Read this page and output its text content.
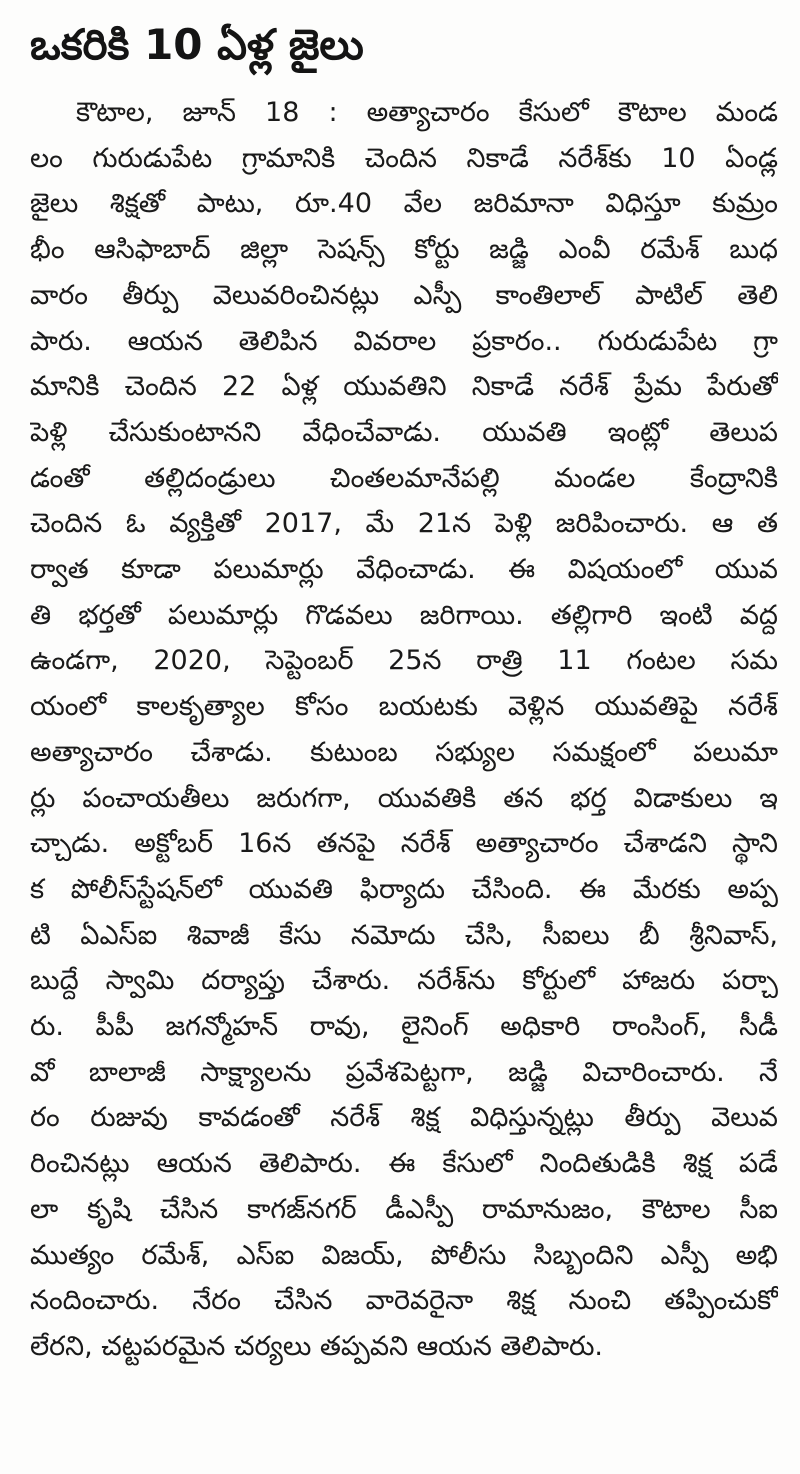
ఒకరికి 10 ఏళ్ల జైలు
కౌటాల, జూన్ 18 : అత్యాచారం కేసులో కౌటాల మండ
లం గురుడుపేట గ్రామానికి చెందిన నికాడే నరేశ్‌కు 10 ఏండ్ల
జైలు శిక్షతో పాటు, రూ.40 వేల జరిమానా విధిస్తూ కుమ్రం
భీం ఆసిఫాబాద్ జిల్లా సెషన్స్ కోర్టు జడ్జి ఎంవీ రమేశ్ బుధ
వారం తీర్పు వెలువరించినట్లు ఎస్పీ కాంతిలాల్ పాటిల్ తెలి
పారు. ఆయన తెలిపిన వివరాల ప్రకారం.. గురుడుపేట గ్రా
మానికి చెందిన 22 ఏళ్ల యువతిని నికాడే నరేశ్ ప్రేమ పేరుతో
పెళ్లి చేసుకుంటానని వేధించేవాడు. యువతి ఇంట్లో తెలుప
డంతో తల్లిదండ్రులు చింతలమానేపల్లి మండల కేంద్రానికి
చెందిన ఓ వ్యక్తితో 2017, మే 21న పెళ్లి జరిపించారు. ఆ త
ర్వాత కూడా పలుమార్లు వేధించాడు. ఈ విషయంలో యువ
తి భర్తతో పలుమార్లు గొడవలు జరిగాయి. తల్లిగారి ఇంటి వద్ద
ఉండగా, 2020, సెప్టెంబర్ 25న రాత్రి 11 గంటల సమ
యంలో కాలకృత్యాల కోసం బయటకు వెళ్లిన యువతిపై నరేశ్
అత్యాచారం చేశాడు. కుటుంబ సభ్యుల సమక్షంలో పలుమా
ర్లు పంచాయతీలు జరుగగా, యువతికి తన భర్త విడాకులు ఇ
చ్చాడు. అక్టోబర్ 16న తనపై నరేశ్ అత్యాచారం చేశాడని స్థాని
క పోలీస్‌స్టేషన్‌లో యువతి ఫిర్యాదు చేసింది. ఈ మేరకు అప్ప
టి ఏఎస్ఐ శివాజీ కేసు నమోదు చేసి, సీఐలు బీ శ్రీనివాస్,
బుద్దే స్వామి దర్యాప్తు చేశారు. నరేశ్‌ను కోర్టులో హాజరు పర్చా
రు. పీపీ జగన్మోహన్ రావు, లైనింగ్ అధికారి రాంసింగ్, సీడీ
వో బాలాజీ సాక్ష్యాలను ప్రవేశపెట్టగా, జడ్జి విచారించారు. నే
రం రుజువు కావడంతో నరేశ్ శిక్ష విధిస్తున్నట్లు తీర్పు వెలువ
రించినట్లు ఆయన తెలిపారు. ఈ కేసులో నిందితుడికి శిక్ష పడే
లా కృషి చేసిన కాగజ్‌నగర్ డీఎస్పీ రామానుజం, కౌటాల సీఐ
ముత్యం రమేశ్, ఎస్ఐ విజయ్, పోలీసు సిబ్బందిని ఎస్పీ అభి
నందించారు. నేరం చేసిన వారెవరైనా శిక్ష నుంచి తప్పించుకో
లేరని, చట్టపరమైన చర్యలు తప్పవని ఆయన తెలిపారు.
